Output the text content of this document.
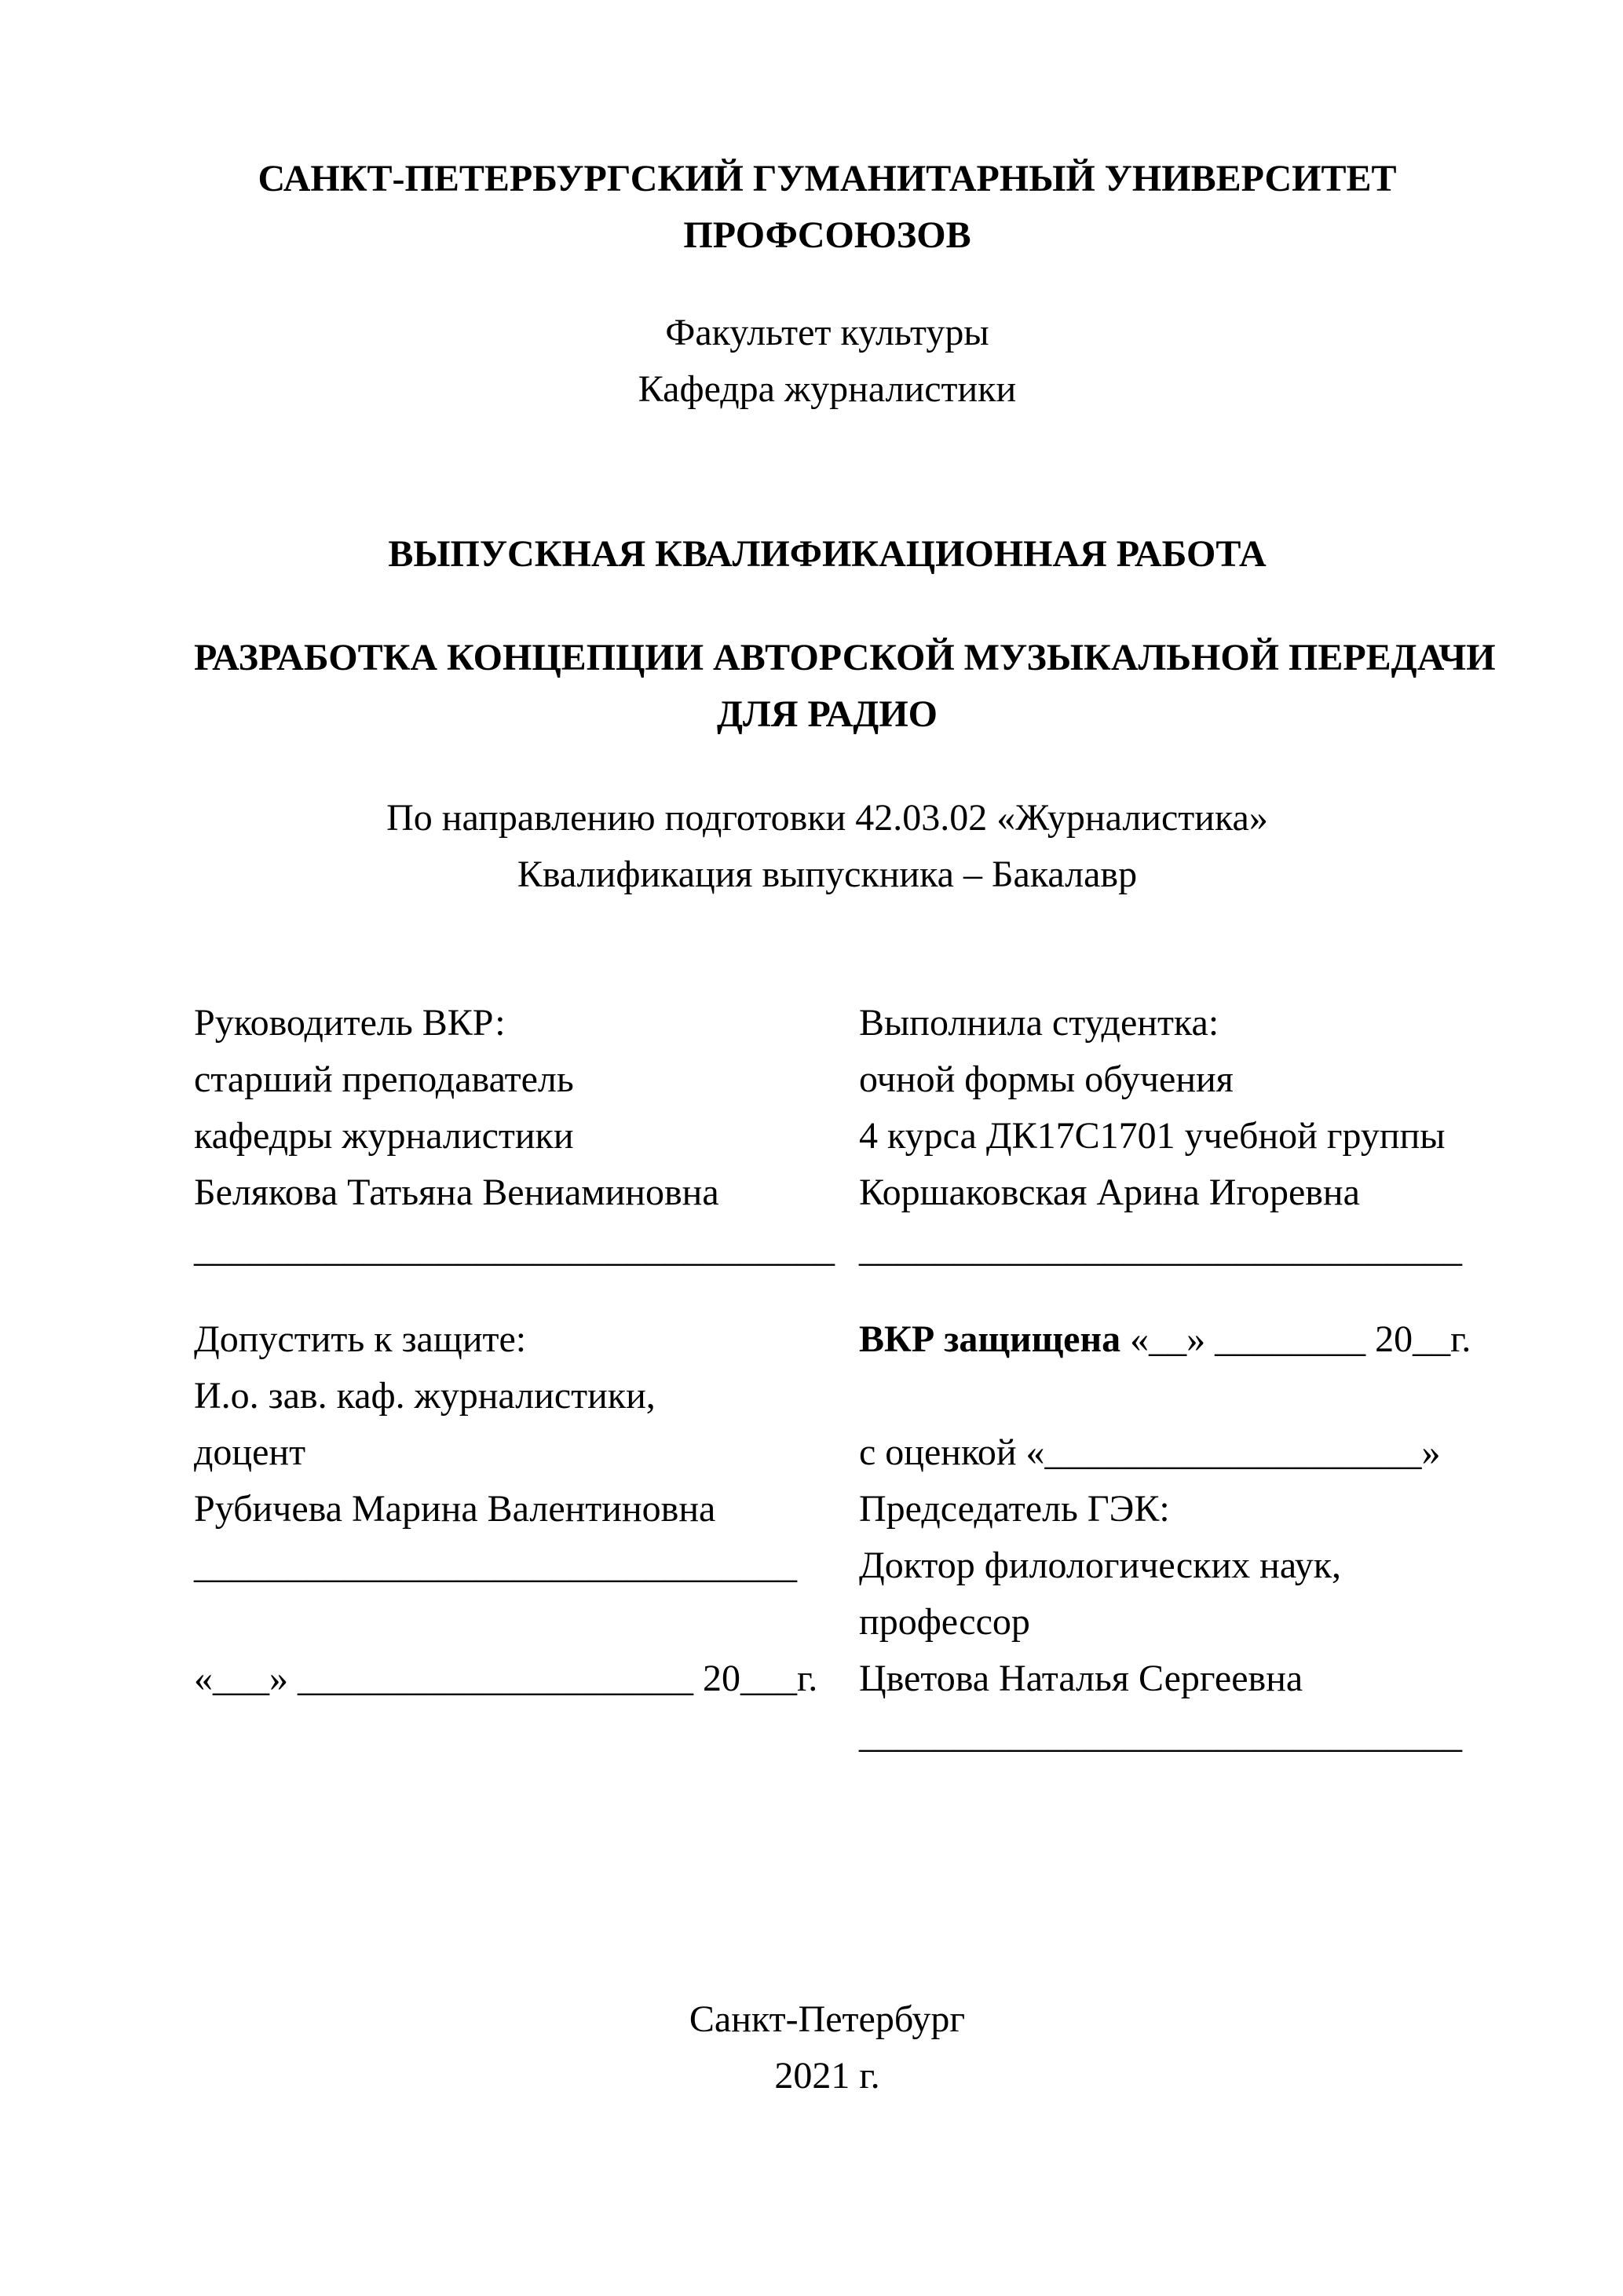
САНКТ-ПЕТЕРБУРГСКИЙ ГУМАНИТАРНЫЙ УНИВЕРСИТЕТ
ПРОФСОЮЗОВ
Факультет культуры
Кафедра журналистики
ВЫПУСКНАЯ КВАЛИФИКАЦИОННАЯ РАБОТА
РАЗРАБОТКА КОНЦЕПЦИИ АВТОРСКОЙ МУЗЫКАЛЬНОЙ ПЕРЕДАЧИ
ДЛЯ РАДИО
По направлению подготовки 42.03.02 «Журналистика»
Квалификация выпускника – Бакалавр
Руководитель ВКР:
старший преподаватель
кафедры журналистики
Белякова Татьяна Вениаминовна
__________________________________
Выполнила студентка:
очной формы обучения
4 курса ДК17С1701 учебной группы
Коршаковская Арина Игоревна
________________________________
Допустить к защите:
И.о. зав. каф. журналистики,
доцент
Рубичева Марина Валентиновна
________________________________
«___» _____________________ 20___г.
ВКР защищена «__» ________ 20__г.
с оценкой «____________________»
Председатель ГЭК:
Доктор филологических наук,
профессор
Цветова Наталья Сергеевна
________________________________
Санкт-Петербург
2021 г.
